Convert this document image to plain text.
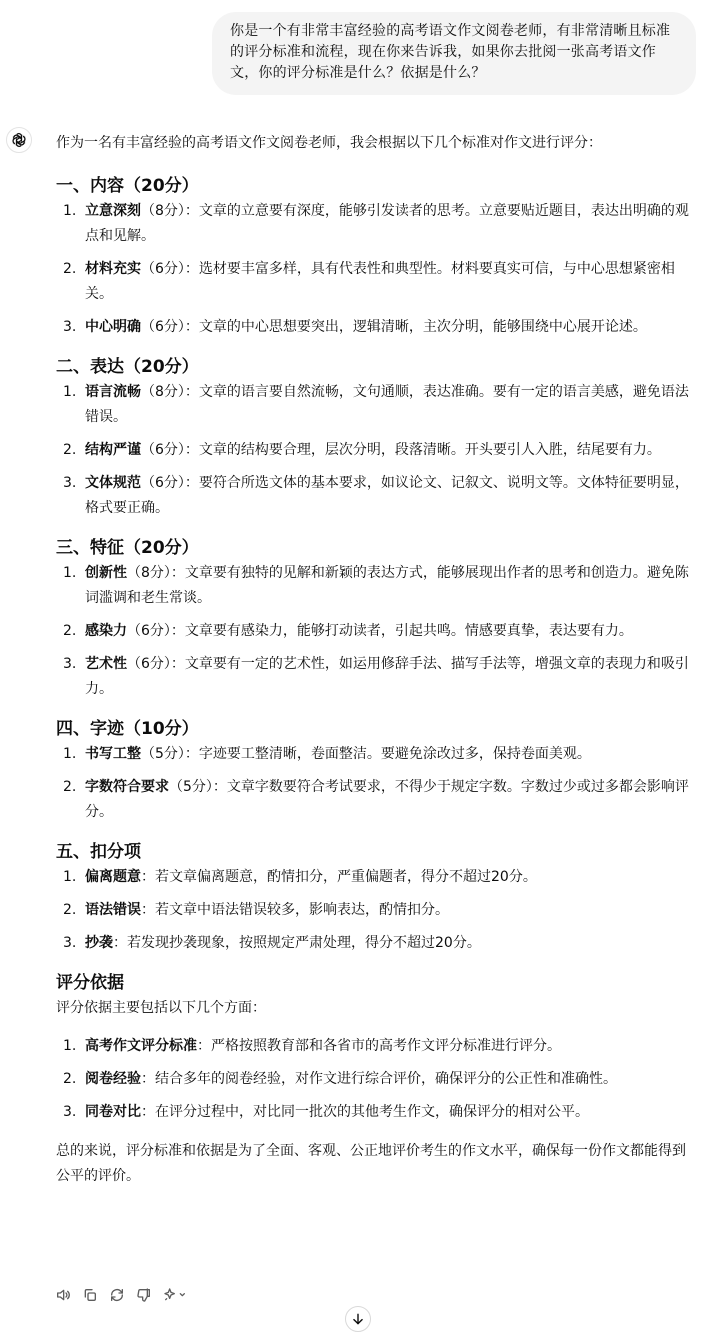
你是一个有非常丰富经验的高考语文作文阅卷老师，有非常清晰且标准的评分标准和流程，现在你来告诉我，如果你去批阅一张高考语文作文，你的评分标准是什么？依据是什么？

作为一名有丰富经验的高考语文作文阅卷老师，我会根据以下几个标准对作文进行评分：

一、内容（20分）

1. 立意深刻（8分）：文章的立意要有深度，能够引发读者的思考。立意要贴近题目，表达出明确的观点和见解。
2. 材料充实（6分）：选材要丰富多样，具有代表性和典型性。材料要真实可信，与中心思想紧密相关。
3. 中心明确（6分）：文章的中心思想要突出，逻辑清晰，主次分明，能够围绕中心展开论述。

二、表达（20分）

1. 语言流畅（8分）：文章的语言要自然流畅，文句通顺，表达准确。要有一定的语言美感，避免语法错误。
2. 结构严谨（6分）：文章的结构要合理，层次分明，段落清晰。开头要引人入胜，结尾要有力。
3. 文体规范（6分）：要符合所选文体的基本要求，如议论文、记叙文、说明文等。文体特征要明显，格式要正确。

三、特征（20分）

1. 创新性（8分）：文章要有独特的见解和新颖的表达方式，能够展现出作者的思考和创造力。避免陈词滥调和老生常谈。
2. 感染力（6分）：文章要有感染力，能够打动读者，引起共鸣。情感要真挚，表达要有力。
3. 艺术性（6分）：文章要有一定的艺术性，如运用修辞手法、描写手法等，增强文章的表现力和吸引力。

四、字迹（10分）

1. 书写工整（5分）：字迹要工整清晰，卷面整洁。要避免涂改过多，保持卷面美观。
2. 字数符合要求（5分）：文章字数要符合考试要求，不得少于规定字数。字数过少或过多都会影响评分。

五、扣分项

1. 偏离题意：若文章偏离题意，酌情扣分，严重偏题者，得分不超过20分。
2. 语法错误：若文章中语法错误较多，影响表达，酌情扣分。
3. 抄袭：若发现抄袭现象，按照规定严肃处理，得分不超过20分。

评分依据

评分依据主要包括以下几个方面：

1. 高考作文评分标准：严格按照教育部和各省市的高考作文评分标准进行评分。
2. 阅卷经验：结合多年的阅卷经验，对作文进行综合评价，确保评分的公正性和准确性。
3. 同卷对比：在评分过程中，对比同一批次的其他考生作文，确保评分的相对公平。

总的来说，评分标准和依据是为了全面、客观、公正地评价考生的作文水平，确保每一份作文都能得到公平的评价。
